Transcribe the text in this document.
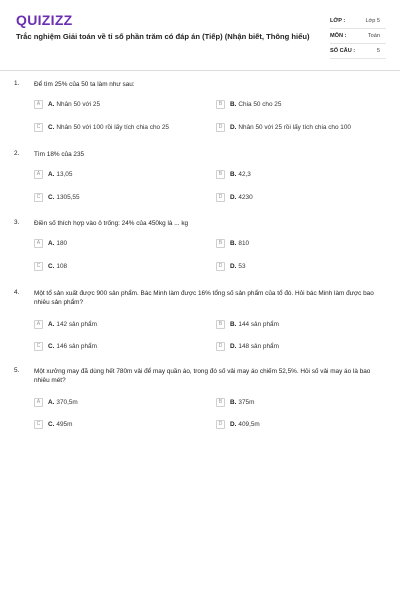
QUIZIZZ
Trắc nghiệm Giải toán về tỉ số phần trăm có đáp án (Tiếp) (Nhận biết, Thông hiểu)
LỚP :	Lớp 5
MÔN :	Toán
SỐ CÂU :	5
1. Để tìm 25% của 50 ta làm như sau:
A	A. Nhân 50 với 25	B	B. Chia 50 cho 25
C	C. Nhân 50 với 100 rồi lấy tích chia cho 25	D	D. Nhân 50 với 25 rồi lấy tích chia cho 100
2. Tìm 18% của 235
A	A. 13,05	B	B. 42,3
C	C. 1305,55	D	D. 4230
3. Điền số thích hợp vào ô trống: 24% của 450kg là ... kg
A	A. 180	B	B. 810
C	C. 108	D	D. 53
4. Một tổ sản xuất được 900 sản phẩm. Bác Minh làm được 16% tổng số sản phẩm của tổ đó. Hỏi bác Minh làm được bao nhiêu sản phẩm?
A	A. 142 sản phẩm	B	B. 144 sản phẩm
C	C. 146 sản phẩm	D	D. 148 sản phẩm
5. Một xưởng may đã dùng hết 780m vải để may quần áo, trong đó số vải may áo chiếm 52,5%. Hỏi số vải may áo là bao nhiêu mét?
A	A. 370,5m	B	B. 375m
C	C. 495m	D	D. 409,5m
